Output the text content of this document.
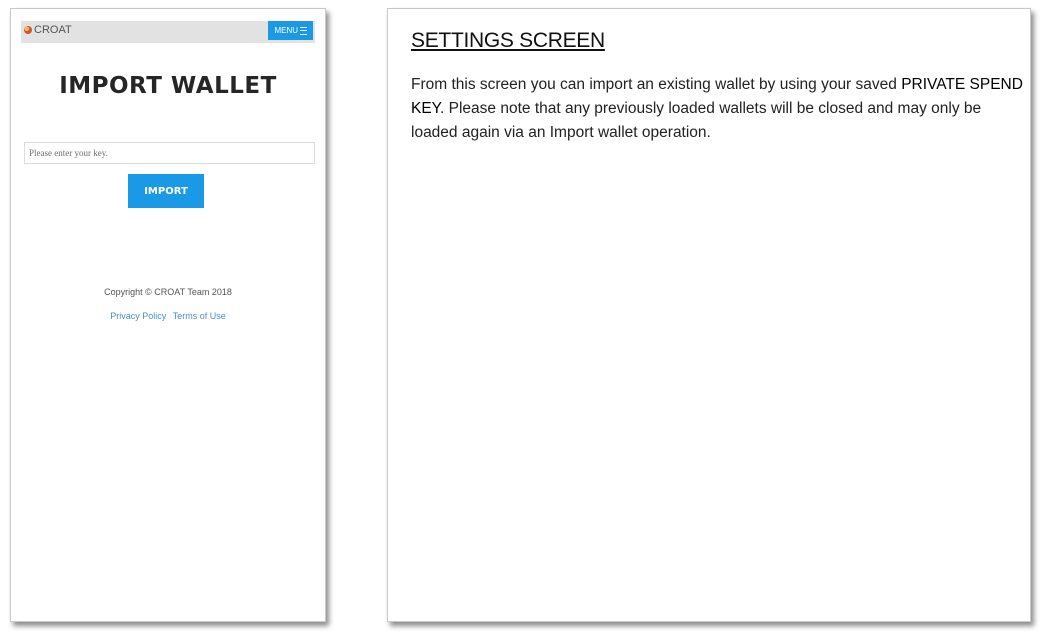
CROAT	MENU
IMPORT WALLET
Please enter your key.
IMPORT
Copyright © CROAT Team 2018
Privacy Policy Terms of Use
SETTINGS SCREEN
From this screen you can import an existing wallet by using your saved PRIVATE SPEND KEY. Please note that any previously loaded wallets will be closed and may only be loaded again via an Import wallet operation.
